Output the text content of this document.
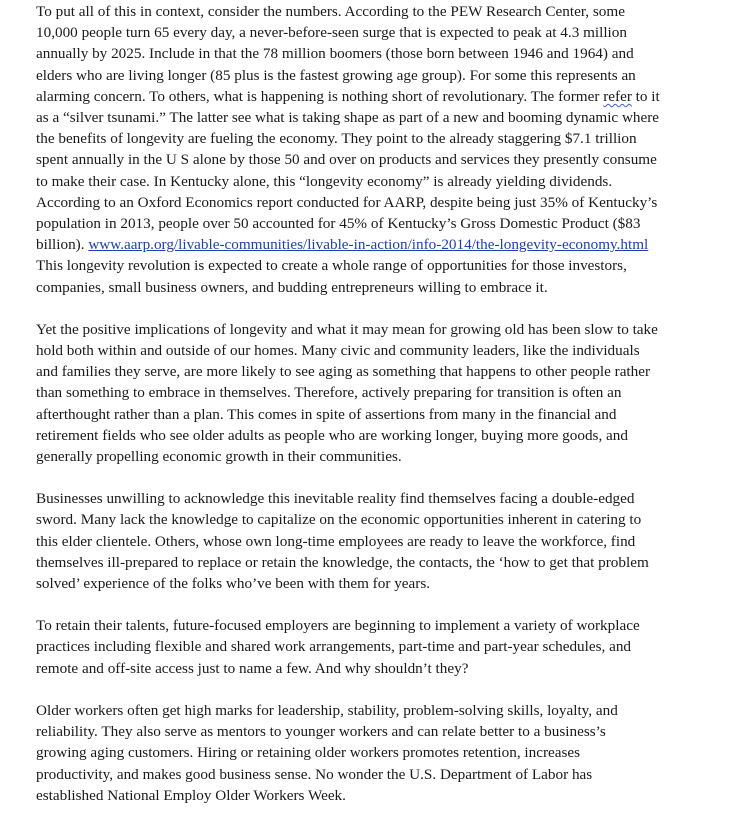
To put all of this in context, consider the numbers. According to the PEW Research Center, some 10,000 people turn 65 every day, a never-before-seen surge that is expected to peak at 4.3 million annually by 2025. Include in that the 78 million boomers (those born between 1946 and 1964) and elders who are living longer (85 plus is the fastest growing age group). For some this represents an alarming concern. To others, what is happening is nothing short of revolutionary. The former refer to it as a “silver tsunami.” The latter see what is taking shape as part of a new and booming dynamic where the benefits of longevity are fueling the economy. They point to the already staggering $7.1 trillion spent annually in the U S alone by those 50 and over on products and services they presently consume to make their case. In Kentucky alone, this “longevity economy” is already yielding dividends. According to an Oxford Economics report conducted for AARP, despite being just 35% of Kentucky’s population in 2013, people over 50 accounted for 45% of Kentucky’s Gross Domestic Product ($83 billion). www.aarp.org/livable-communities/livable-in-action/info-2014/the-longevity-economy.html This longevity revolution is expected to create a whole range of opportunities for those investors, companies, small business owners, and budding entrepreneurs willing to embrace it.

Yet the positive implications of longevity and what it may mean for growing old has been slow to take hold both within and outside of our homes. Many civic and community leaders, like the individuals and families they serve, are more likely to see aging as something that happens to other people rather than something to embrace in themselves. Therefore, actively preparing for transition is often an afterthought rather than a plan. This comes in spite of assertions from many in the financial and retirement fields who see older adults as people who are working longer, buying more goods, and generally propelling economic growth in their communities.

Businesses unwilling to acknowledge this inevitable reality find themselves facing a double-edged sword. Many lack the knowledge to capitalize on the economic opportunities inherent in catering to this elder clientele. Others, whose own long-time employees are ready to leave the workforce, find themselves ill-prepared to replace or retain the knowledge, the contacts, the ‘how to get that problem solved’ experience of the folks who’ve been with them for years.

To retain their talents, future-focused employers are beginning to implement a variety of workplace practices including flexible and shared work arrangements, part-time and part-year schedules, and remote and off-site access just to name a few. And why shouldn’t they?

Older workers often get high marks for leadership, stability, problem-solving skills, loyalty, and reliability. They also serve as mentors to younger workers and can relate better to a business’s growing aging customers. Hiring or retaining older workers promotes retention, increases productivity, and makes good business sense. No wonder the U.S. Department of Labor has established National Employ Older Workers Week.
